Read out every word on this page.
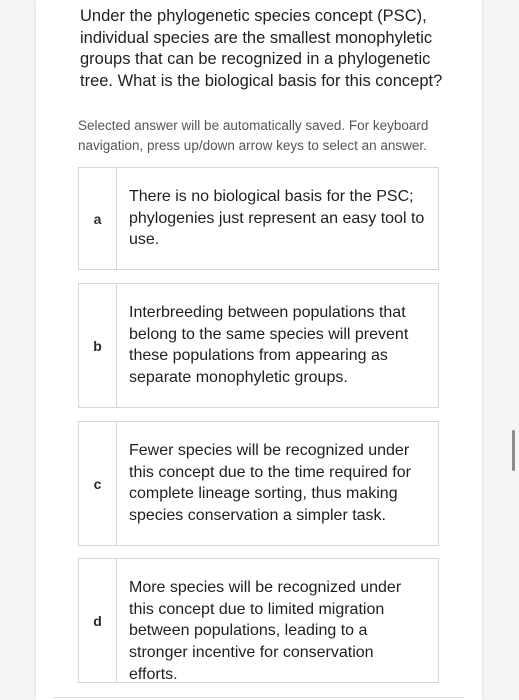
Under the phylogenetic species concept (PSC), individual species are the smallest monophyletic groups that can be recognized in a phylogenetic tree. What is the biological basis for this concept?
Selected answer will be automatically saved. For keyboard navigation, press up/down arrow keys to select an answer.
a
There is no biological basis for the PSC; phylogenies just represent an easy tool to use.
b
Interbreeding between populations that belong to the same species will prevent these populations from appearing as separate monophyletic groups.
c
Fewer species will be recognized under this concept due to the time required for complete lineage sorting, thus making species conservation a simpler task.
d
More species will be recognized under this concept due to limited migration between populations, leading to a stronger incentive for conservation efforts.
